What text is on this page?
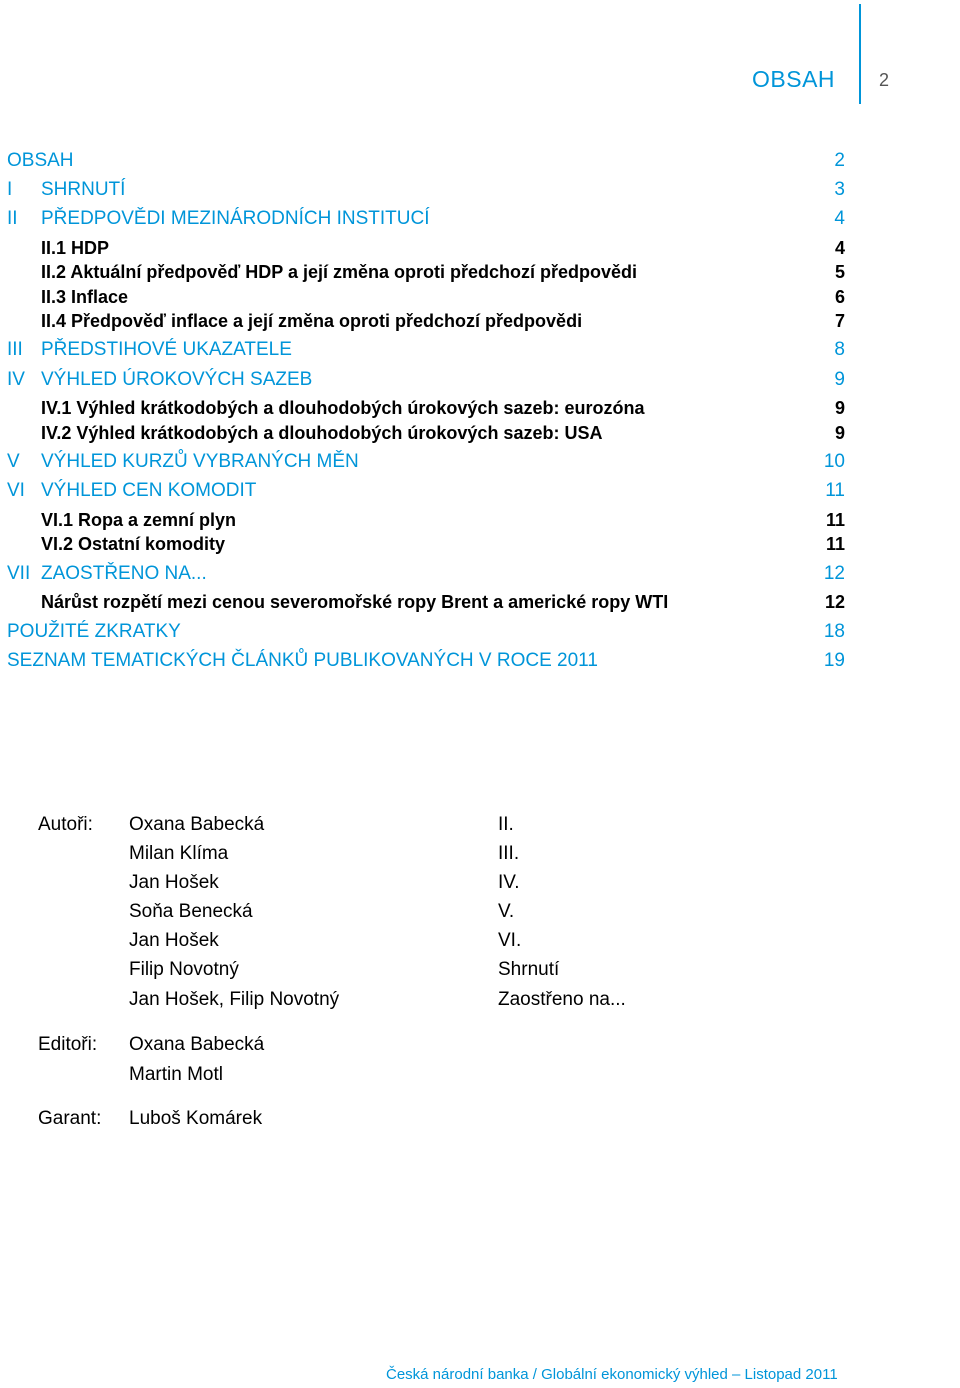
OBSAH 2
OBSAH	2
I SHRNUTÍ	3
II PŘEDPOVĚDI MEZINÁRODNÍCH INSTITUCÍ	4
II.1 HDP	4
II.2 Aktuální předpověď HDP a její změna oproti předchozí předpovědi	5
II.3 Inflace	6
II.4 Předpověď inflace a její změna oproti předchozí předpovědi	7
III PŘEDSTIHOVÉ UKAZATELE	8
IV VÝHLED ÚROKOVÝCH SAZEB	9
IV.1 Výhled krátkodobých a dlouhodobých úrokových sazeb: eurozóna	9
IV.2 Výhled krátkodobých a dlouhodobých úrokových sazeb: USA	9
V VÝHLED KURZŮ VYBRANÝCH MĚN	10
VI VÝHLED CEN KOMODIT	11
VI.1 Ropa a zemní plyn	11
VI.2 Ostatní komodity	11
VII ZAOSTŘENO NA...	12
Nárůst rozpětí mezi cenou severomořské ropy Brent a americké ropy WTI	12
POUŽITÉ ZKRATKY	18
SEZNAM TEMATICKÝCH ČLÁNKŮ PUBLIKOVANÝCH V ROCE 2011	19
Autoři: Oxana Babecká	II.
Milan Klíma	III.
Jan Hošek	IV.
Soňa Benecká	V.
Jan Hošek	VI.
Filip Novotný	Shrnutí
Jan Hošek, Filip Novotný	Zaostřeno na...
Editoři: Oxana Babecká
Martin Motl
Garant: Luboš Komárek
Česká národní banka / Globální ekonomický výhled – Listopad 2011
